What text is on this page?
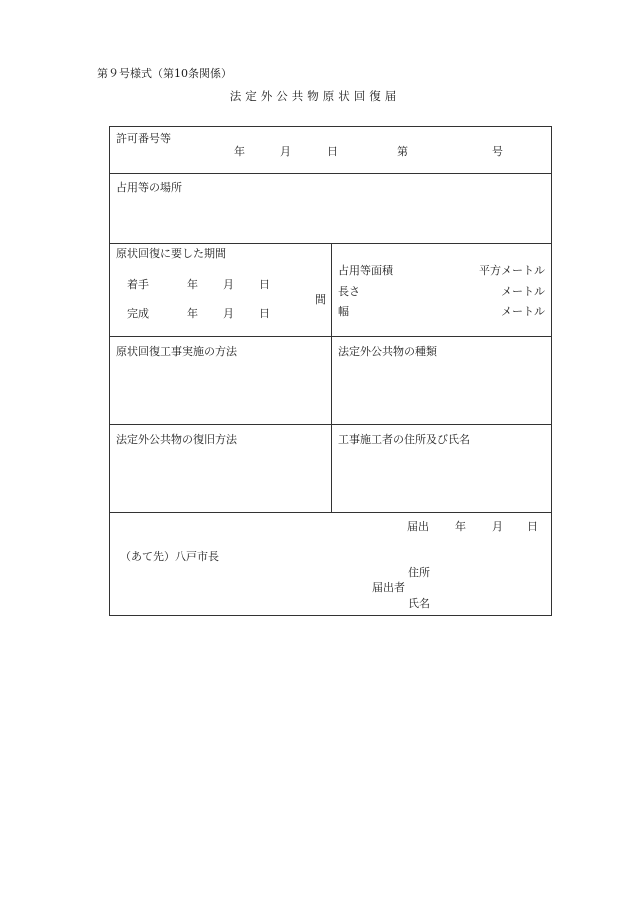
第９号様式（第10条関係）
法定外公共物原状回復届
許可番号等
年	月	日	第	号
占用等の場所
原状回復に要した期間
着手	年 月 日
間
完成	年 月 日
占用等面積	平方メートル
長さ	メートル
幅	メートル
原状回復工事実施の方法	法定外公共物の種類
法定外公共物の復旧方法	工事施工者の住所及び氏名
届出 年 月 日
（あて先）八戸市長
住所
届出者
氏名
